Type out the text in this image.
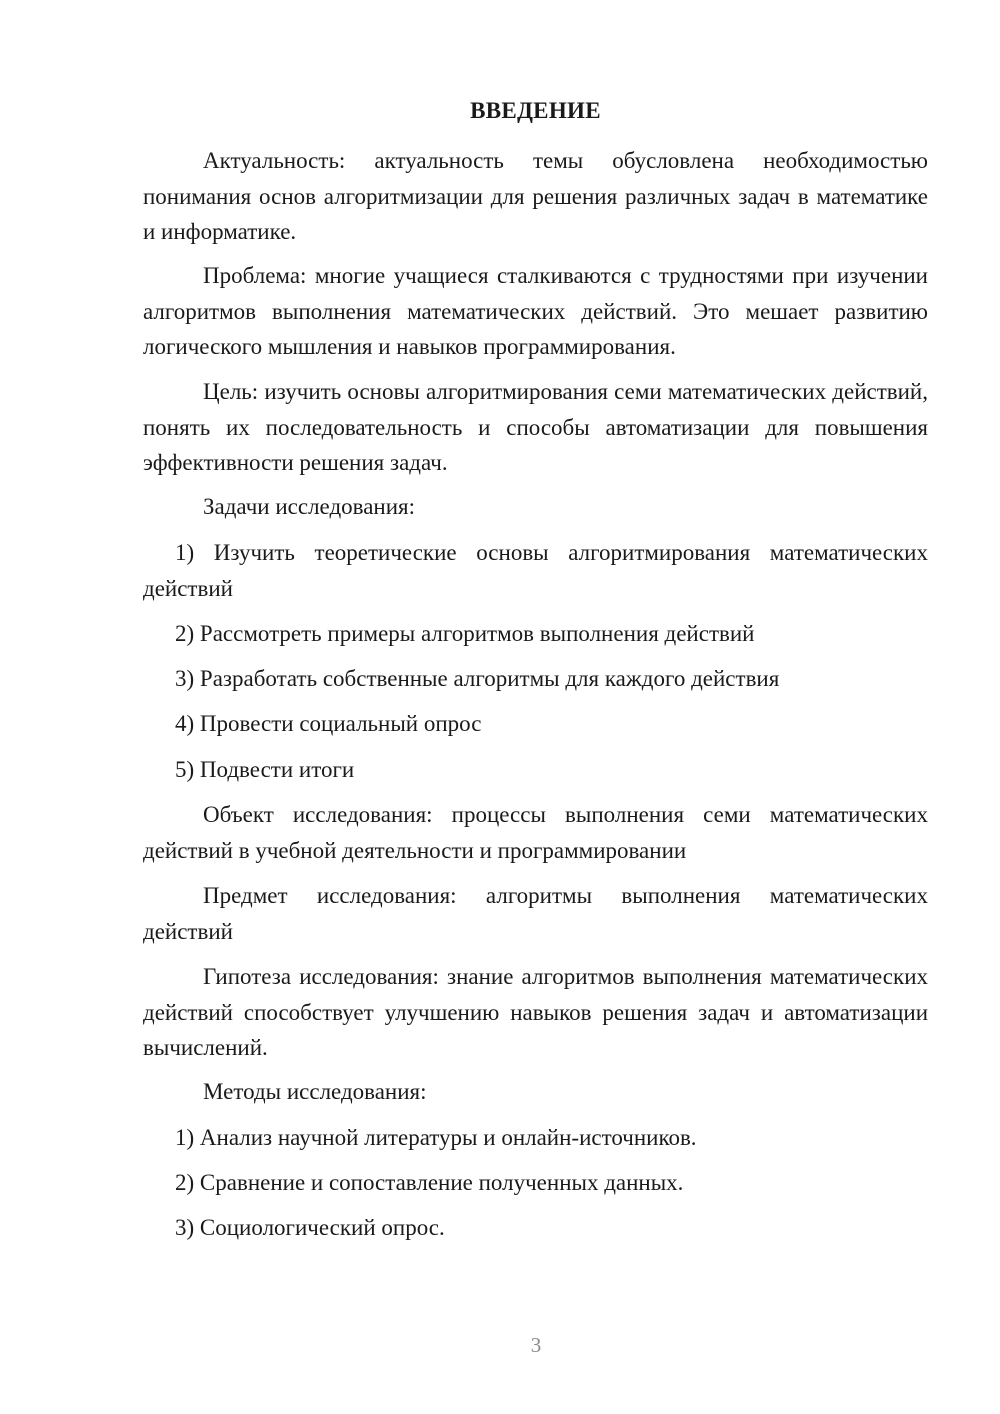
ВВЕДЕНИЕ

Актуальность: актуальность темы обусловлена необходимостью понимания основ алгоритмизации для решения различных задач в математике и информатике.

Проблема: многие учащиеся сталкиваются с трудностями при изучении алгоритмов выполнения математических действий. Это мешает развитию логического мышления и навыков программирования.

Цель: изучить основы алгоритмирования семи математических действий, понять их последовательность и способы автоматизации для повышения эффективности решения задач.

Задачи исследования:

1) Изучить теоретические основы алгоритмирования математических действий

2) Рассмотреть примеры алгоритмов выполнения действий

3) Разработать собственные алгоритмы для каждого действия

4) Провести социальный опрос

5) Подвести итоги

Объект исследования: процессы выполнения семи математических действий в учебной деятельности и программировании

Предмет исследования: алгоритмы выполнения математических действий

Гипотеза исследования: знание алгоритмов выполнения математических действий способствует улучшению навыков решения задач и автоматизации вычислений.

Методы исследования:

1) Анализ научной литературы и онлайн-источников.

2) Сравнение и сопоставление полученных данных.

3) Социологический опрос.

3
